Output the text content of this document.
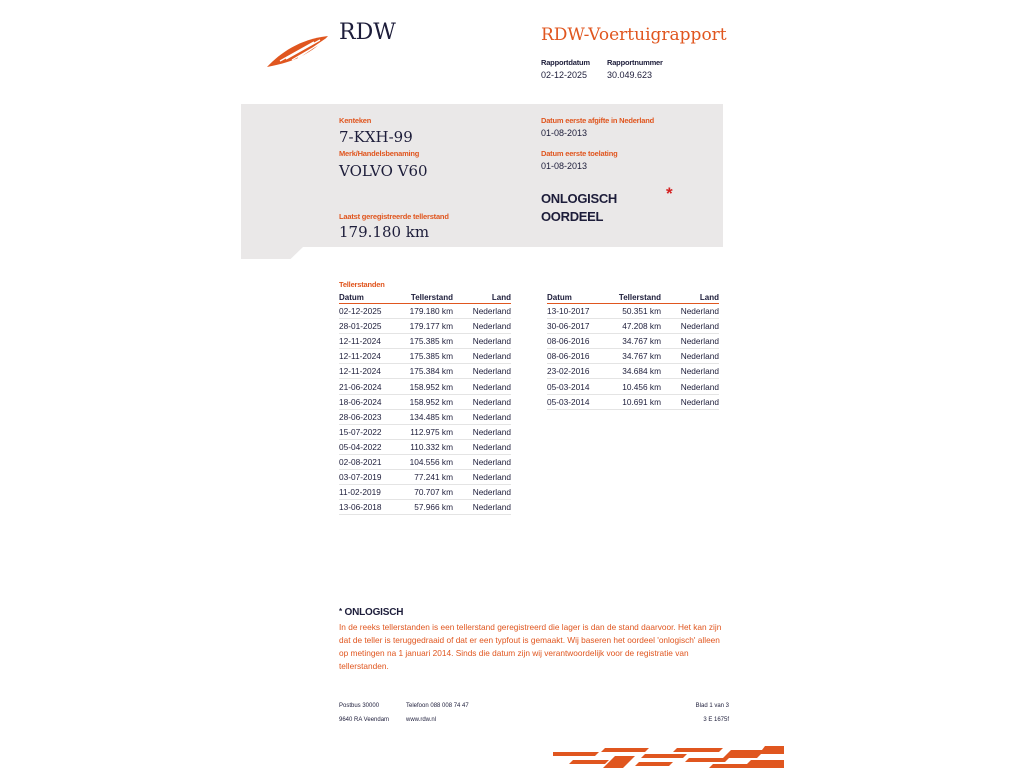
RDW	RDW-Voertuigrapport
Rapportdatum
02-12-2025
Rapportnummer
30.049.623
Kenteken
7-KXH-99
Merk/Handelsbenaming
VOLVO V60
Datum eerste afgifte in Nederland
01-08-2013
Datum eerste toelating
01-08-2013
ONLOGISCH
OORDEEL
*
Laatst geregistreerde tellerstand
179.180 km
Tellerstanden
Datum	Tellerstand	Land
02-12-2025	179.180 km	Nederland
28-01-2025	179.177 km	Nederland
12-11-2024	175.385 km	Nederland
12-11-2024	175.385 km	Nederland
12-11-2024	175.384 km	Nederland
21-06-2024	158.952 km	Nederland
18-06-2024	158.952 km	Nederland
28-06-2023	134.485 km	Nederland
15-07-2022	112.975 km	Nederland
05-04-2022	110.332 km	Nederland
02-08-2021	104.556 km	Nederland
03-07-2019	77.241 km	Nederland
11-02-2019	70.707 km	Nederland
13-06-2018	57.966 km	Nederland
Datum	Tellerstand	Land
13-10-2017	50.351 km	Nederland
30-06-2017	47.208 km	Nederland
08-06-2016	34.767 km	Nederland
08-06-2016	34.767 km	Nederland
23-02-2016	34.684 km	Nederland
05-03-2014	10.456 km	Nederland
05-03-2014	10.691 km	Nederland
* ONLOGISCH
In de reeks tellerstanden is een tellerstand geregistreerd die lager is dan de stand daarvoor. Het kan zijn dat de teller is teruggedraaid of dat er een typfout is gemaakt. Wij baseren het oordeel 'onlogisch' alleen op metingen na 1 januari 2014. Sinds die datum zijn wij verantwoordelijk voor de registratie van tellerstanden.
Postbus 30000
9640 RA Veendam
Telefoon 088 008 74 47
www.rdw.nl
Blad 1 van 3
3 E 1675f
